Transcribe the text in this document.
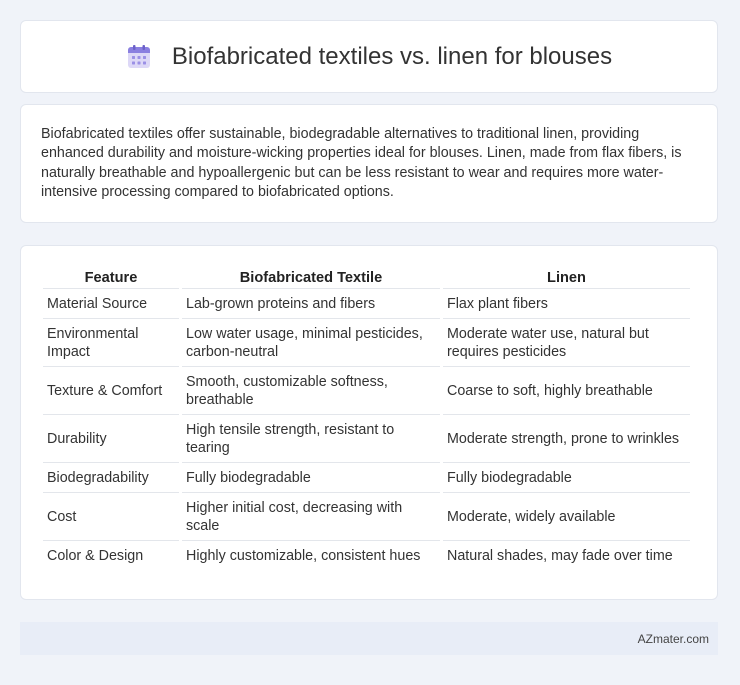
Biofabricated textiles vs. linen for blouses

Biofabricated textiles offer sustainable, biodegradable alternatives to traditional linen, providing enhanced durability and moisture-wicking properties ideal for blouses. Linen, made from flax fibers, is naturally breathable and hypoallergenic but can be less resistant to wear and requires more water-intensive processing compared to biofabricated options.

Feature	Biofabricated Textile	Linen
Material Source	Lab-grown proteins and fibers	Flax plant fibers
Environmental Impact	Low water usage, minimal pesticides, carbon-neutral	Moderate water use, natural but requires pesticides
Texture & Comfort	Smooth, customizable softness, breathable	Coarse to soft, highly breathable
Durability	High tensile strength, resistant to tearing	Moderate strength, prone to wrinkles
Biodegradability	Fully biodegradable	Fully biodegradable
Cost	Higher initial cost, decreasing with scale	Moderate, widely available
Color & Design	Highly customizable, consistent hues	Natural shades, may fade over time
AZmater.com
